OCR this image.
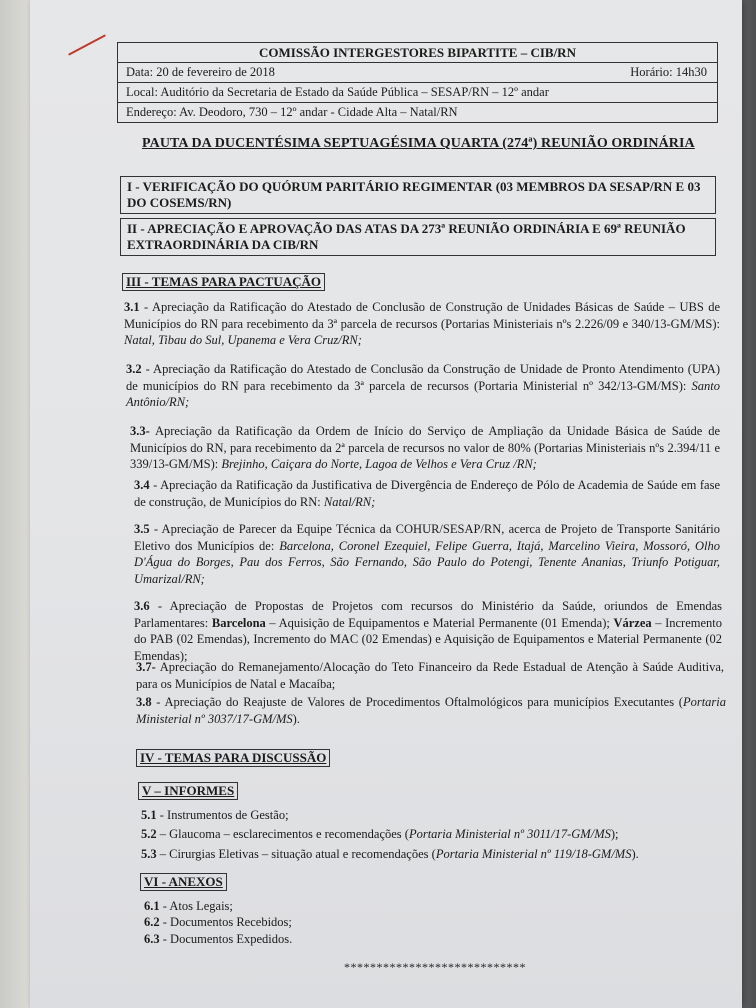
COMISSÃO INTERGESTORES BIPARTITE – CIB/RN
Data: 20 de fevereiro de 2018	Horário: 14h30
Local: Auditório da Secretaria de Estado da Saúde Pública – SESAP/RN – 12º andar
Endereço: Av. Deodoro, 730 – 12º andar - Cidade Alta – Natal/RN
PAUTA DA DUCENTÉSIMA SEPTUAGÉSIMA QUARTA (274ª) REUNIÃO ORDINÁRIA
I - VERIFICAÇÃO DO QUÓRUM PARITÁRIO REGIMENTAR (03 MEMBROS DA SESAP/RN E 03 DO COSEMS/RN)
II - APRECIAÇÃO E APROVAÇÃO DAS ATAS DA 273ª REUNIÃO ORDINÁRIA E 69ª REUNIÃO EXTRAORDINÁRIA DA CIB/RN
III - TEMAS PARA PACTUAÇÃO
3.1 - Apreciação da Ratificação do Atestado de Conclusão de Construção de Unidades Básicas de Saúde – UBS de Municípios do RN para recebimento da 3ª parcela de recursos (Portarias Ministeriais nºs 2.226/09 e 340/13-GM/MS): Natal, Tibau do Sul, Upanema e Vera Cruz/RN;
3.2 - Apreciação da Ratificação do Atestado de Conclusão da Construção de Unidade de Pronto Atendimento (UPA) de municípios do RN para recebimento da 3ª parcela de recursos (Portaria Ministerial nº 342/13-GM/MS): Santo Antônio/RN;
3.3- Apreciação da Ratificação da Ordem de Início do Serviço de Ampliação da Unidade Básica de Saúde de Municípios do RN, para recebimento da 2ª parcela de recursos no valor de 80% (Portarias Ministeriais nºs 2.394/11 e 339/13-GM/MS): Brejinho, Caiçara do Norte, Lagoa de Velhos e Vera Cruz /RN;
3.4 - Apreciação da Ratificação da Justificativa de Divergência de Endereço de Pólo de Academia de Saúde em fase de construção, de Municípios do RN: Natal/RN;
3.5 - Apreciação de Parecer da Equipe Técnica da COHUR/SESAP/RN, acerca de Projeto de Transporte Sanitário Eletivo dos Municípios de: Barcelona, Coronel Ezequiel, Felipe Guerra, Itajá, Marcelino Vieira, Mossoró, Olho D'Água do Borges, Pau dos Ferros, São Fernando, São Paulo do Potengi, Tenente Ananias, Triunfo Potiguar, Umarizal/RN;
3.6 - Apreciação de Propostas de Projetos com recursos do Ministério da Saúde, oriundos de Emendas Parlamentares: Barcelona – Aquisição de Equipamentos e Material Permanente (01 Emenda); Várzea – Incremento do PAB (02 Emendas), Incremento do MAC (02 Emendas) e Aquisição de Equipamentos e Material Permanente (02 Emendas);
3.7- Apreciação do Remanejamento/Alocação do Teto Financeiro da Rede Estadual de Atenção à Saúde Auditiva, para os Municípios de Natal e Macaíba;
3.8 - Apreciação do Reajuste de Valores de Procedimentos Oftalmológicos para municípios Executantes (Portaria Ministerial nº 3037/17-GM/MS).
IV - TEMAS PARA DISCUSSÃO
V – INFORMES
5.1 - Instrumentos de Gestão;
5.2 – Glaucoma – esclarecimentos e recomendações (Portaria Ministerial nº 3011/17-GM/MS);
5.3 – Cirurgias Eletivas – situação atual e recomendações (Portaria Ministerial nº 119/18-GM/MS).
VI - ANEXOS
6.1 - Atos Legais;
6.2 - Documentos Recebidos;
6.3 - Documentos Expedidos.
****************************
